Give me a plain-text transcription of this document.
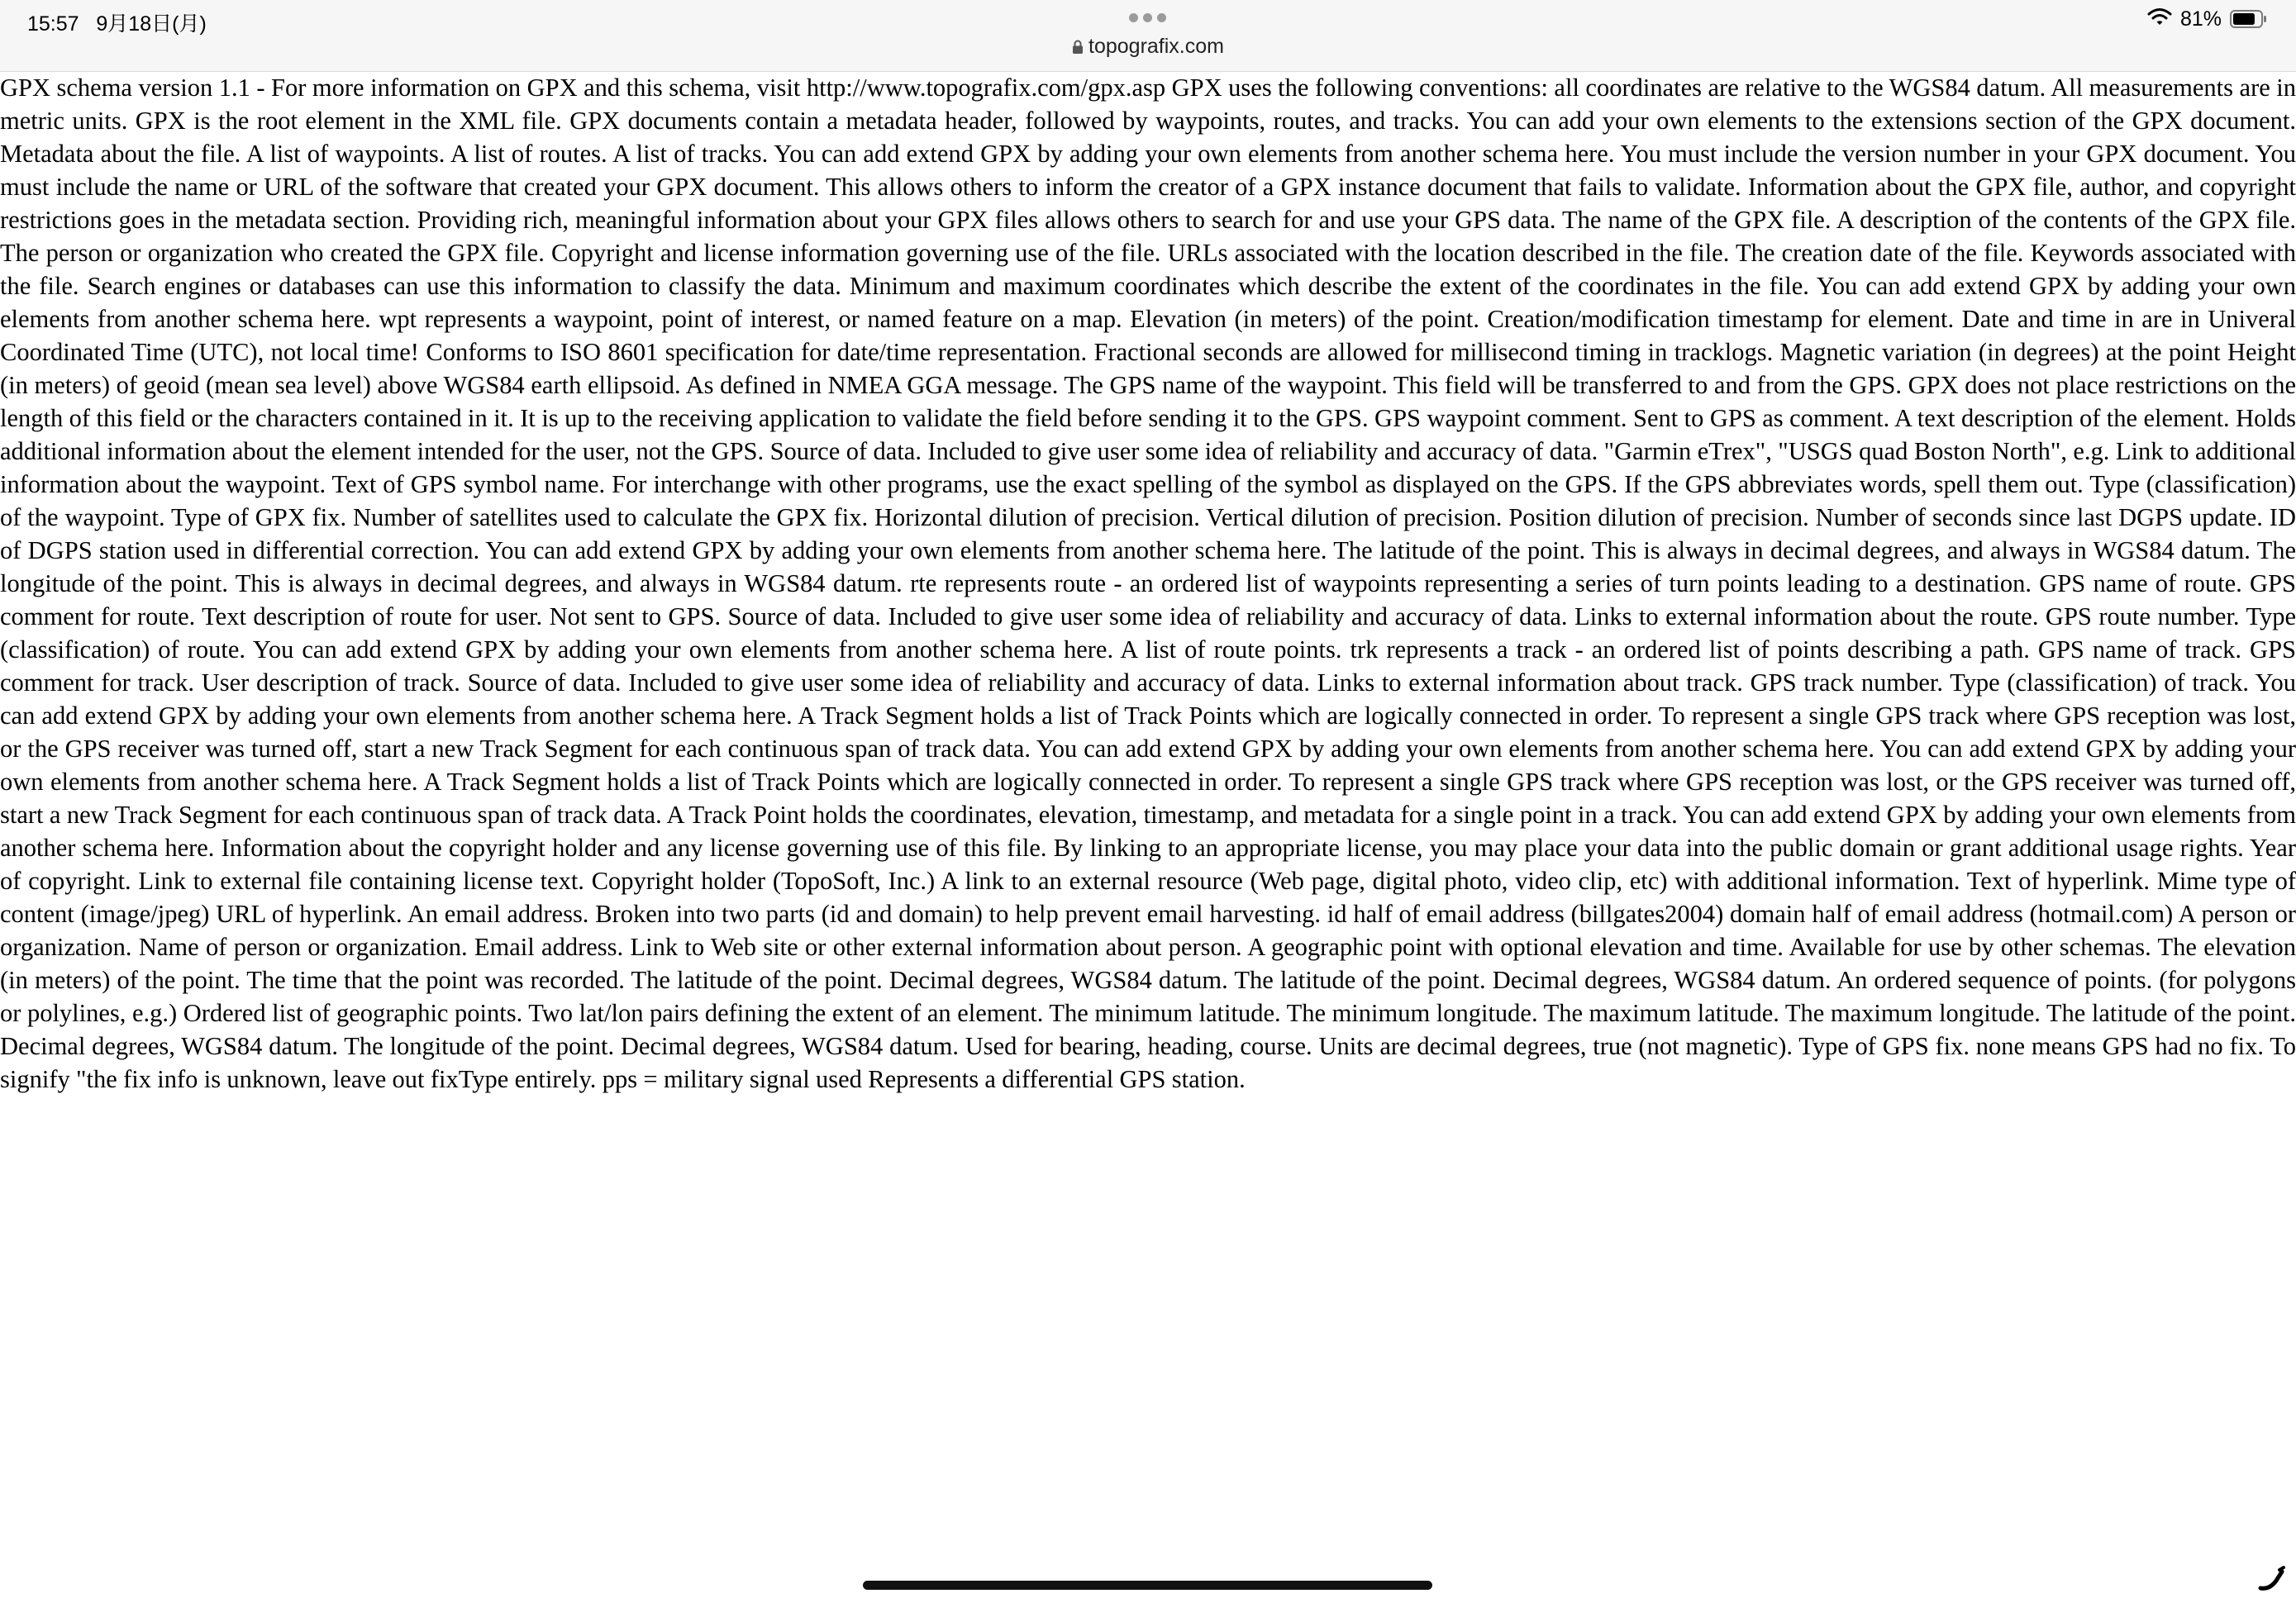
15:57 9月18日(月)
topografix.com
81%

GPX schema version 1.1 - For more information on GPX and this schema, visit http://www.topografix.com/gpx.asp GPX uses the following conventions: all coordinates are relative to the WGS84 datum. All measurements are in metric units. GPX is the root element in the XML file. GPX documents contain a metadata header, followed by waypoints, routes, and tracks. You can add your own elements to the extensions section of the GPX document. Metadata about the file. A list of waypoints. A list of routes. A list of tracks. You can add extend GPX by adding your own elements from another schema here. You must include the version number in your GPX document. You must include the name or URL of the software that created your GPX document. This allows others to inform the creator of a GPX instance document that fails to validate. Information about the GPX file, author, and copyright restrictions goes in the metadata section. Providing rich, meaningful information about your GPX files allows others to search for and use your GPS data. The name of the GPX file. A description of the contents of the GPX file. The person or organization who created the GPX file. Copyright and license information governing use of the file. URLs associated with the location described in the file. The creation date of the file. Keywords associated with the file. Search engines or databases can use this information to classify the data. Minimum and maximum coordinates which describe the extent of the coordinates in the file. You can add extend GPX by adding your own elements from another schema here. wpt represents a waypoint, point of interest, or named feature on a map. Elevation (in meters) of the point. Creation/modification timestamp for element. Date and time in are in Univeral Coordinated Time (UTC), not local time! Conforms to ISO 8601 specification for date/time representation. Fractional seconds are allowed for millisecond timing in tracklogs. Magnetic variation (in degrees) at the point Height (in meters) of geoid (mean sea level) above WGS84 earth ellipsoid. As defined in NMEA GGA message. The GPS name of the waypoint. This field will be transferred to and from the GPS. GPX does not place restrictions on the length of this field or the characters contained in it. It is up to the receiving application to validate the field before sending it to the GPS. GPS waypoint comment. Sent to GPS as comment. A text description of the element. Holds additional information about the element intended for the user, not the GPS. Source of data. Included to give user some idea of reliability and accuracy of data. "Garmin eTrex", "USGS quad Boston North", e.g. Link to additional information about the waypoint. Text of GPS symbol name. For interchange with other programs, use the exact spelling of the symbol as displayed on the GPS. If the GPS abbreviates words, spell them out. Type (classification) of the waypoint. Type of GPX fix. Number of satellites used to calculate the GPX fix. Horizontal dilution of precision. Vertical dilution of precision. Position dilution of precision. Number of seconds since last DGPS update. ID of DGPS station used in differential correction. You can add extend GPX by adding your own elements from another schema here. The latitude of the point. This is always in decimal degrees, and always in WGS84 datum. The longitude of the point. This is always in decimal degrees, and always in WGS84 datum. rte represents route - an ordered list of waypoints representing a series of turn points leading to a destination. GPS name of route. GPS comment for route. Text description of route for user. Not sent to GPS. Source of data. Included to give user some idea of reliability and accuracy of data. Links to external information about the route. GPS route number. Type (classification) of route. You can add extend GPX by adding your own elements from another schema here. A list of route points. trk represents a track - an ordered list of points describing a path. GPS name of track. GPS comment for track. User description of track. Source of data. Included to give user some idea of reliability and accuracy of data. Links to external information about track. GPS track number. Type (classification) of track. You can add extend GPX by adding your own elements from another schema here. A Track Segment holds a list of Track Points which are logically connected in order. To represent a single GPS track where GPS reception was lost, or the GPS receiver was turned off, start a new Track Segment for each continuous span of track data. You can add extend GPX by adding your own elements from another schema here. You can add extend GPX by adding your own elements from another schema here. A Track Segment holds a list of Track Points which are logically connected in order. To represent a single GPS track where GPS reception was lost, or the GPS receiver was turned off, start a new Track Segment for each continuous span of track data. A Track Point holds the coordinates, elevation, timestamp, and metadata for a single point in a track. You can add extend GPX by adding your own elements from another schema here. Information about the copyright holder and any license governing use of this file. By linking to an appropriate license, you may place your data into the public domain or grant additional usage rights. Year of copyright. Link to external file containing license text. Copyright holder (TopoSoft, Inc.) A link to an external resource (Web page, digital photo, video clip, etc) with additional information. Text of hyperlink. Mime type of content (image/jpeg) URL of hyperlink. An email address. Broken into two parts (id and domain) to help prevent email harvesting. id half of email address (billgates2004) domain half of email address (hotmail.com) A person or organization. Name of person or organization. Email address. Link to Web site or other external information about person. A geographic point with optional elevation and time. Available for use by other schemas. The elevation (in meters) of the point. The time that the point was recorded. The latitude of the point. Decimal degrees, WGS84 datum. The latitude of the point. Decimal degrees, WGS84 datum. An ordered sequence of points. (for polygons or polylines, e.g.) Ordered list of geographic points. Two lat/lon pairs defining the extent of an element. The minimum latitude. The minimum longitude. The maximum latitude. The maximum longitude. The latitude of the point. Decimal degrees, WGS84 datum. The longitude of the point. Decimal degrees, WGS84 datum. Used for bearing, heading, course. Units are decimal degrees, true (not magnetic). Type of GPS fix. none means GPS had no fix. To signify "the fix info is unknown, leave out fixType entirely. pps = military signal used Represents a differential GPS station.
